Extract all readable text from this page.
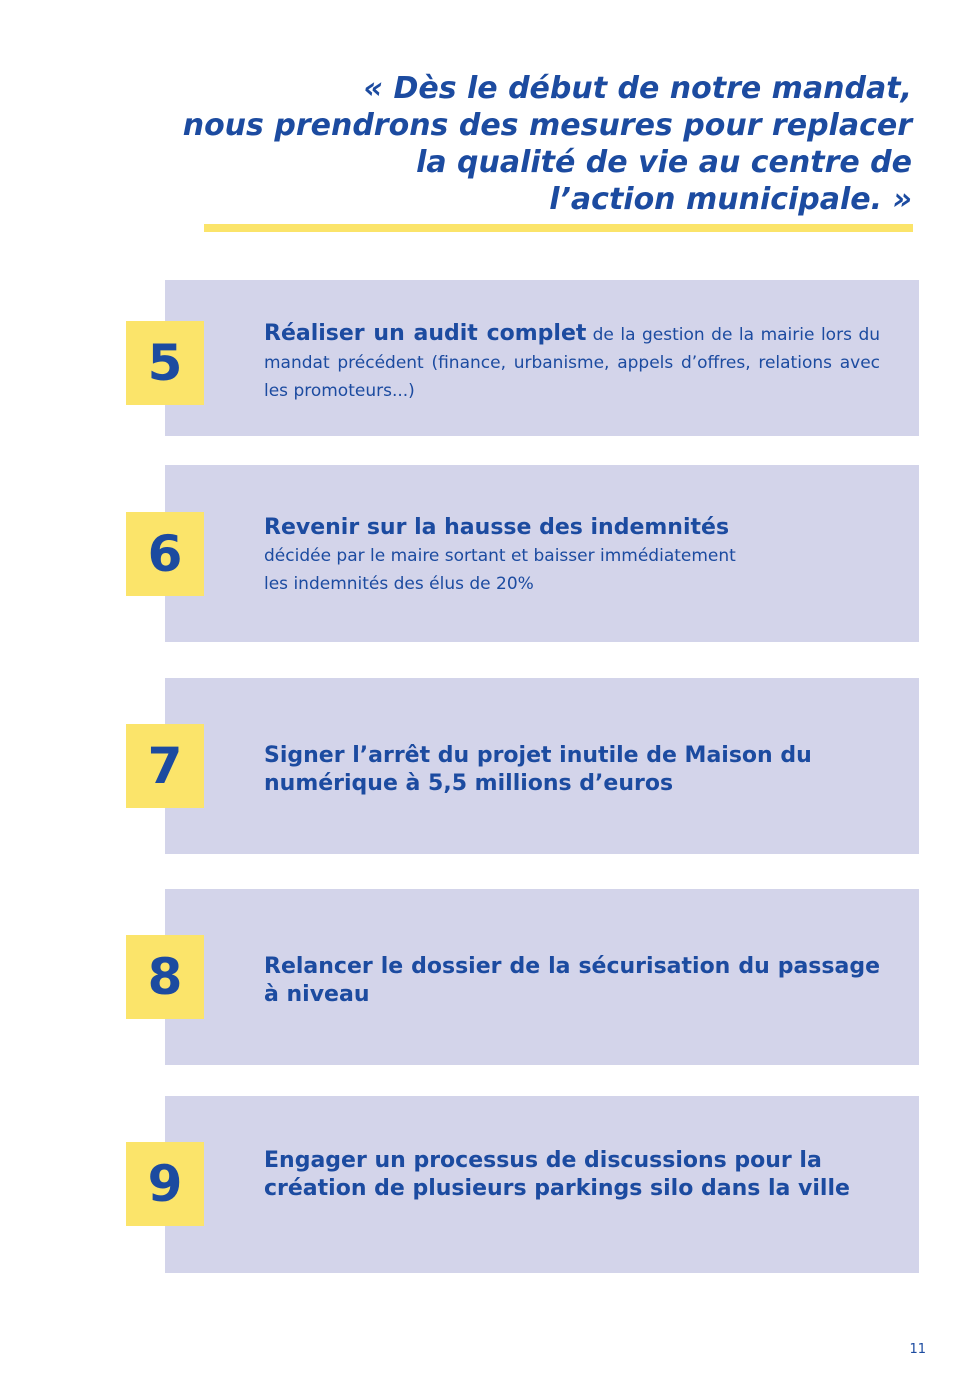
« Dès le début de notre mandat,
nous prendrons des mesures pour replacer
la qualité de vie au centre de
l’action municipale. »
5
Réaliser un audit complet de la gestion de la mairie lors du mandat précédent (finance, urbanisme, appels d’offres, relations avec les promoteurs...)
6	Revenir sur la hausse des indemnités
décidée par le maire sortant et baisser immédiatement
les indemnités des élus de 20%
7	Signer l’arrêt du projet inutile de Maison du numérique à 5,5 millions d’euros
8	Relancer le dossier de la sécurisation du passage à niveau
9	Engager un processus de discussions pour la création de plusieurs parkings silo dans la ville
11
